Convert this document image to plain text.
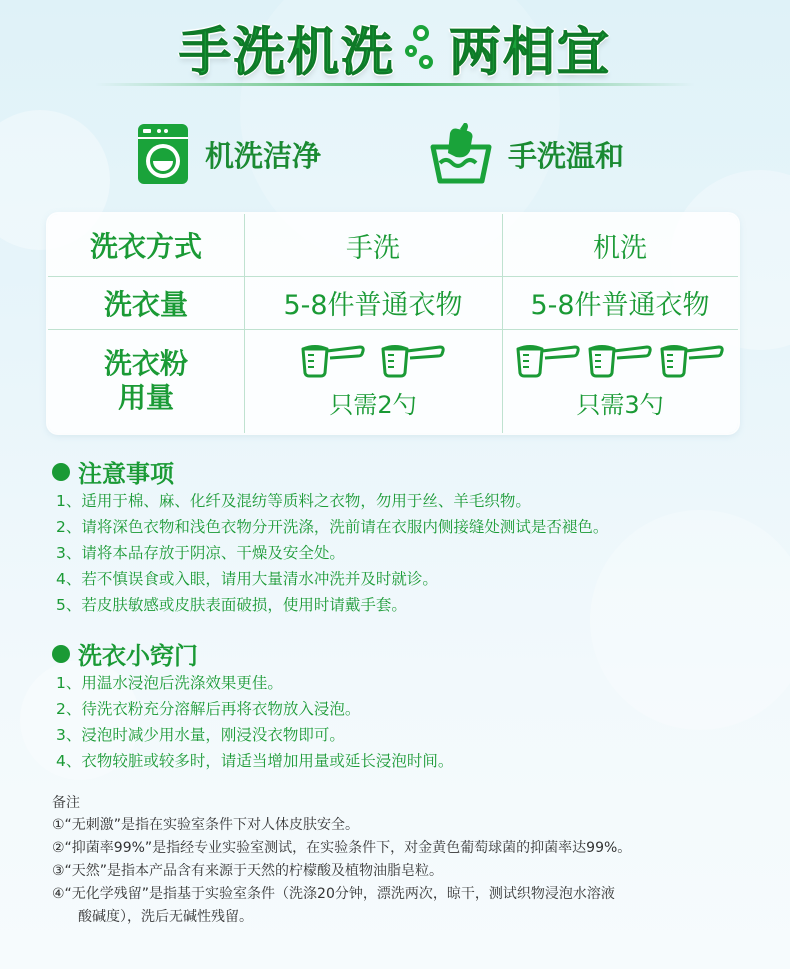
手洗机洗 两相宜
机洗洁净	手洗温和
洗衣方式	手洗	机洗
洗衣量	5-8件普通衣物	5-8件普通衣物
洗衣粉
用量	只需2勺	只需3勺
注意事项
1、适用于棉、麻、化纤及混纺等质料之衣物，勿用于丝、羊毛织物。
2、请将深色衣物和浅色衣物分开洗涤，洗前请在衣服内侧接缝处测试是否褪色。
3、请将本品存放于阴凉、干燥及安全处。
4、若不慎误食或入眼，请用大量清水冲洗并及时就诊。
5、若皮肤敏感或皮肤表面破损，使用时请戴手套。
洗衣小窍门
1、用温水浸泡后洗涤效果更佳。
2、待洗衣粉充分溶解后再将衣物放入浸泡。
3、浸泡时减少用水量，刚浸没衣物即可。
4、衣物较脏或较多时，请适当增加用量或延长浸泡时间。
备注
①“无刺激”是指在实验室条件下对人体皮肤安全。
②“抑菌率99%”是指经专业实验室测试，在实验条件下，对金黄色葡萄球菌的抑菌率达99%。
③“天然”是指本产品含有来源于天然的柠檬酸及植物油脂皂粒。
④“无化学残留”是指基于实验室条件（洗涤20分钟，漂洗两次，晾干，测试织物浸泡水溶液
酸碱度），洗后无碱性残留。
